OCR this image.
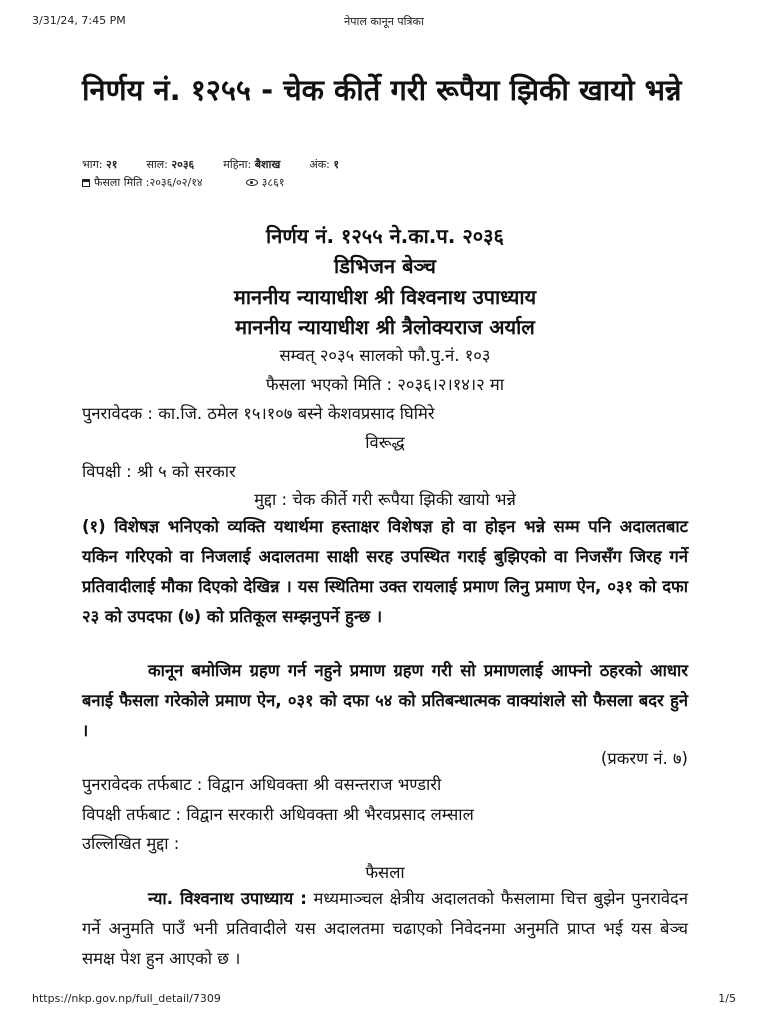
3/31/24, 7:45 PM	नेपाल कानून पत्रिका
निर्णय नं. १२५५ - चेक कीर्ते गरी रूपैया झिकी खायो भन्ने
भाग: २१	साल: २०३६	महिना: बैशाख	अंक: १
फैसला मिति :२०३६/०२/१४	३८६१
निर्णय नं. १२५५ ने.का.प. २०३६
डिभिजन बेञ्च
माननीय न्यायाधीश श्री विश्वनाथ उपाध्याय
माननीय न्यायाधीश श्री त्रैलोक्यराज अर्याल
सम्वत् २०३५ सालको फौ.पु.नं. १०३
फैसला भएको मिति : २०३६।२।१४।२ मा
पुनरावेदक : का.जि. ठमेल १५।१०७ बस्ने केशवप्रसाद घिमिरे
विरूद्ध
विपक्षी : श्री ५ को सरकार
मुद्दा : चेक कीर्ते गरी रूपैया झिकी खायो भन्ने

(१) विशेषज्ञ भनिएको व्यक्ति यथार्थमा हस्ताक्षर विशेषज्ञ हो वा होइन भन्ने सम्म पनि अदालतबाट यकिन गरिएको वा निजलाई अदालतमा साक्षी सरह उपस्थित गराई बुझिएको वा निजसँग जिरह गर्ने प्रतिवादीलाई मौका दिएको देखिन्न । यस स्थितिमा उक्त रायलाई प्रमाण लिनु प्रमाण ऐन, ०३१ को दफा २३ को उपदफा (७) को प्रतिकूल सम्झनुपर्ने हुन्छ ।

कानून बमोजिम ग्रहण गर्न नहुने प्रमाण ग्रहण गरी सो प्रमाणलाई आफ्नो ठहरको आधार बनाई फैसला गरेकोले प्रमाण ऐन, ०३१ को दफा ५४ को प्रतिबन्धात्मक वाक्यांशले सो फैसला बदर हुने ।

(प्रकरण नं. ७)
पुनरावेदक तर्फबाट : विद्वान अधिवक्ता श्री वसन्तराज भण्डारी
विपक्षी तर्फबाट : विद्वान सरकारी अधिवक्ता श्री भैरवप्रसाद लम्साल
उल्लिखित मुद्दा :
फैसला

न्या. विश्वनाथ उपाध्याय : मध्यमाञ्चल क्षेत्रीय अदालतको फैसलामा चित्त बुझेन पुनरावेदन गर्ने अनुमति पाउँ भनी प्रतिवादीले यस अदालतमा चढाएको निवेदनमा अनुमति प्राप्त भई यस बेञ्च समक्ष पेश हुन आएको छ ।

https://nkp.gov.np/full_detail/7309	1/5
